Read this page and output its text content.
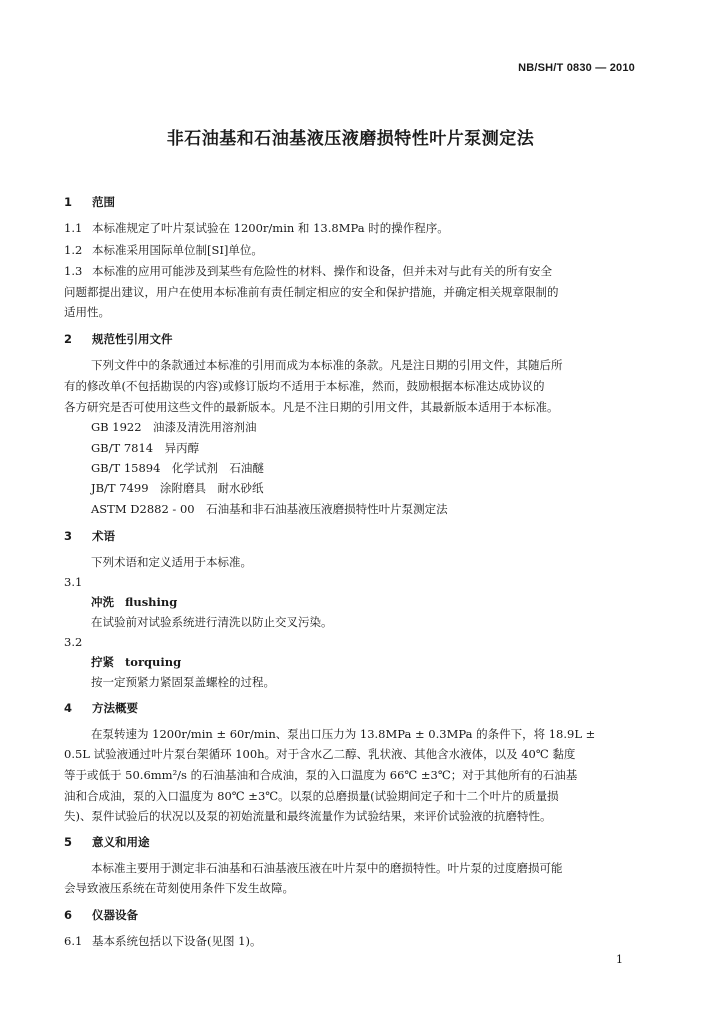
NB/SH/T 0830 — 2010
非石油基和石油基液压液磨损特性叶片泵测定法
1 范围
1.1 本标准规定了叶片泵试验在 1200r/min 和 13.8MPa 时的操作程序。
1.2 本标准采用国际单位制[SI]单位。
1.3 本标准的应用可能涉及到某些有危险性的材料、操作和设备，但并未对与此有关的所有安全
问题都提出建议，用户在使用本标准前有责任制定相应的安全和保护措施，并确定相关规章限制的
适用性。
2 规范性引用文件
下列文件中的条款通过本标准的引用而成为本标准的条款。凡是注日期的引用文件，其随后所
有的修改单(不包括勘误的内容)或修订版均不适用于本标准，然而，鼓励根据本标准达成协议的
各方研究是否可使用这些文件的最新版本。凡是不注日期的引用文件，其最新版本适用于本标准。
GB 1922　油漆及清洗用溶剂油
GB/T 7814　异丙醇
GB/T 15894　化学试剂　石油醚
JB/T 7499　涂附磨具　耐水砂纸
ASTM D2882 - 00　石油基和非石油基液压液磨损特性叶片泵测定法
3 术语
下列术语和定义适用于本标准。
3.1
冲洗 flushing
在试验前对试验系统进行清洗以防止交叉污染。
3.2
拧紧 torquing
按一定预紧力紧固泵盖螺栓的过程。
4 方法概要
在泵转速为 1200r/min ± 60r/min、泵出口压力为 13.8MPa ± 0.3MPa 的条件下，将 18.9L ±
0.5L 试验液通过叶片泵台架循环 100h。对于含水乙二醇、乳状液、其他含水液体，以及 40℃ 黏度
等于或低于 50.6mm²/s 的石油基油和合成油，泵的入口温度为 66℃ ±3℃；对于其他所有的石油基
油和合成油，泵的入口温度为 80℃ ±3℃。以泵的总磨损量(试验期间定子和十二个叶片的质量损
失)、泵件试验后的状况以及泵的初始流量和最终流量作为试验结果，来评价试验液的抗磨特性。
5 意义和用途
本标准主要用于测定非石油基和石油基液压液在叶片泵中的磨损特性。叶片泵的过度磨损可能
会导致液压系统在苛刻使用条件下发生故障。
6 仪器设备
6.1 基本系统包括以下设备(见图 1)。
1
